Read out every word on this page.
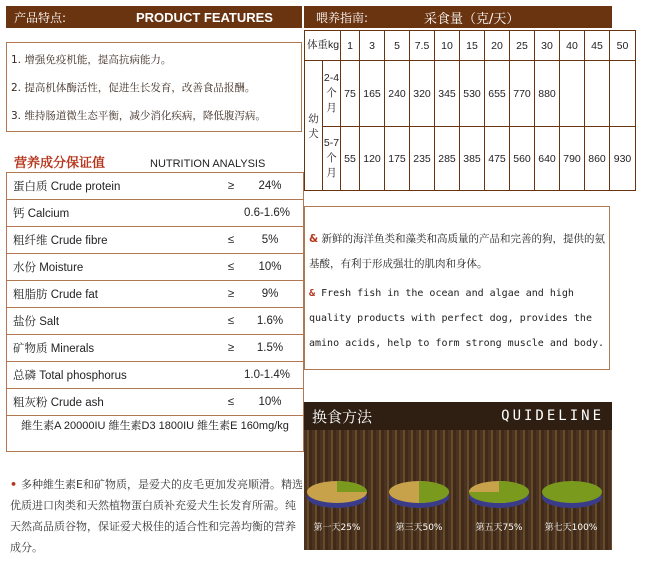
产品特点:	PRODUCT FEATURES
1. 增强免疫机能，提高抗病能力。
2. 提高机体酶活性，促进生长发育，改善食品报酬。
3. 维持肠道微生态平衡，减少消化疾病，降低腹泻病。
营养成分保证值	NUTRITION ANALYSIS
蛋白质 Crude protein	≥	24%
钙 Calcium	0.6-1.6%
粗纤维 Crude fibre	≤	5%
水份 Moisture	≤	10%
粗脂肪 Crude fat	≥	9%
盐份 Salt	≤	1.6%
矿物质 Minerals	≥	1.5%
总磷 Total phosphorus	1.0-1.4%
粗灰粉 Crude ash	≤	10%
維生素A 20000IU 維生素D3 1800IU 維生素E 160mg/kg
• 多种維生素E和矿物质，是爱犬的皮毛更加发亮顺滑。精选优质进口肉类和天然植物蛋白质补充爱犬生长发育所需。纯天然高品质谷物，保证爱犬极佳的适合性和完善均衡的营养成分。
喂养指南:	采食量（克/天）
体重kg		1	3	5	7.5	10	15	20	25	30	40	45	50
幼犬	2-4个月	75	165	240	320	345	530	655	770	880			
	5-7个月	55	120	175	235	285	385	475	560	640	790	860	930
& 新鲜的海洋鱼类和藻类和高质量的产品和完善的狗，提供的氨基酸，有利于形成强壮的肌肉和身体。
& Fresh fish in the ocean and algae and high quality products with perfect dog, provides the amino acids, help to form strong muscle and body.
换食方法	QUIDELINE
第一天25%	第三天50%	第五天75%	第七天100%
